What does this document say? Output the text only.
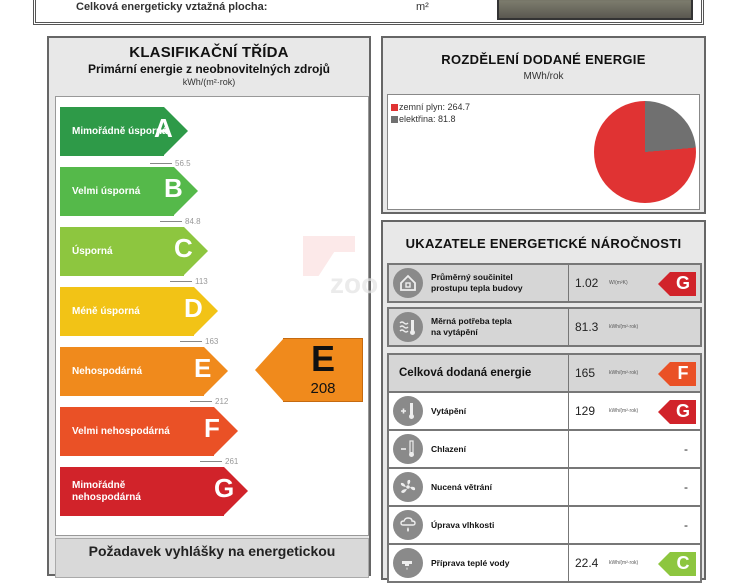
Celková energeticky vztažná plocha:	m²
KLASIFIKAČNÍ TŘÍDA
Primární energie z neobnovitelných zdrojů
kWh/(m²·rok)
Mimořádně úsporná
A
56.5
Velmi úsporná B
84.8
Úsporná	C
113
Méně úsporná	D
163
Nehospodárná	E
212
Velmi nehospodárná	F
261
Mimořádně nehospodárná	G
E
208
Požadavek vyhlášky na energetickou
ROZDĚLENÍ DODANÉ ENERGIE
MWh/rok
zemní plyn: 264.7
elektřina: 81.8
zoo
UKAZATELE ENERGETICKÉ NÁROČNOSTI
Průměrný součinitel
prostupu tepla budovy	1.02	W/(m²K)	G
Měrná potřeba tepla
na vytápění	81.3	kWh/(m²·rok)
Celková dodaná energie	165	kWh/(m²·rok)	F
Vytápění	129	kWh/(m²·rok)	G
Chlazení	-
Nucená větrání	-
Úprava vlhkosti	-
Příprava teplé vody	22.4	kWh/(m²·rok)	C
